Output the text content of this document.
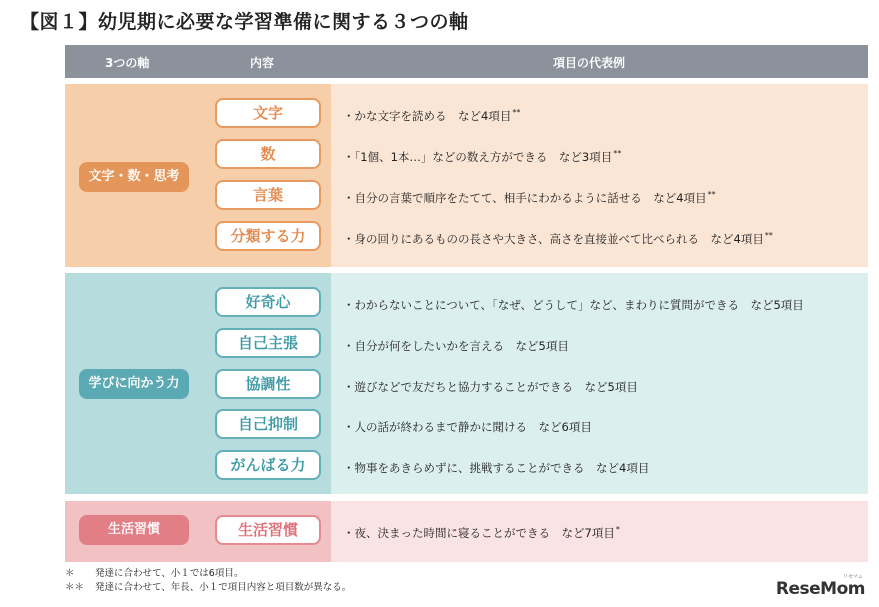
【図１】幼児期に必要な学習準備に関する３つの軸
3つの軸	内容	項目の代表例
文字・数・思考
文字	・かな文字を読める　など4項目**
数	・「1個、1本…」などの数え方ができる　など3項目**
言葉	・自分の言葉で順序をたてて、相手にわかるように話せる　など4項目**
分類する力	・身の回りにあるものの長さや大きさ、高さを直接並べて比べられる　など4項目**
学びに向かう力
好奇心	・わからないことについて、「なぜ、どうして」など、まわりに質問ができる　など5項目
自己主張	・自分が何をしたいかを言える　など5項目
協調性	・遊びなどで友だちと協力することができる　など5項目
自己抑制	・人の話が終わるまで静かに聞ける　など6項目
がんばる力	・物事をあきらめずに、挑戦することができる　など4項目
生活習慣	生活習慣	・夜、決まった時間に寝ることができる　など7項目*
＊ 発達に合わせて、小１では6項目。
＊＊ 発達に合わせて、年長、小１で項目内容と項目数が異なる。
リセマム
ReseMom
